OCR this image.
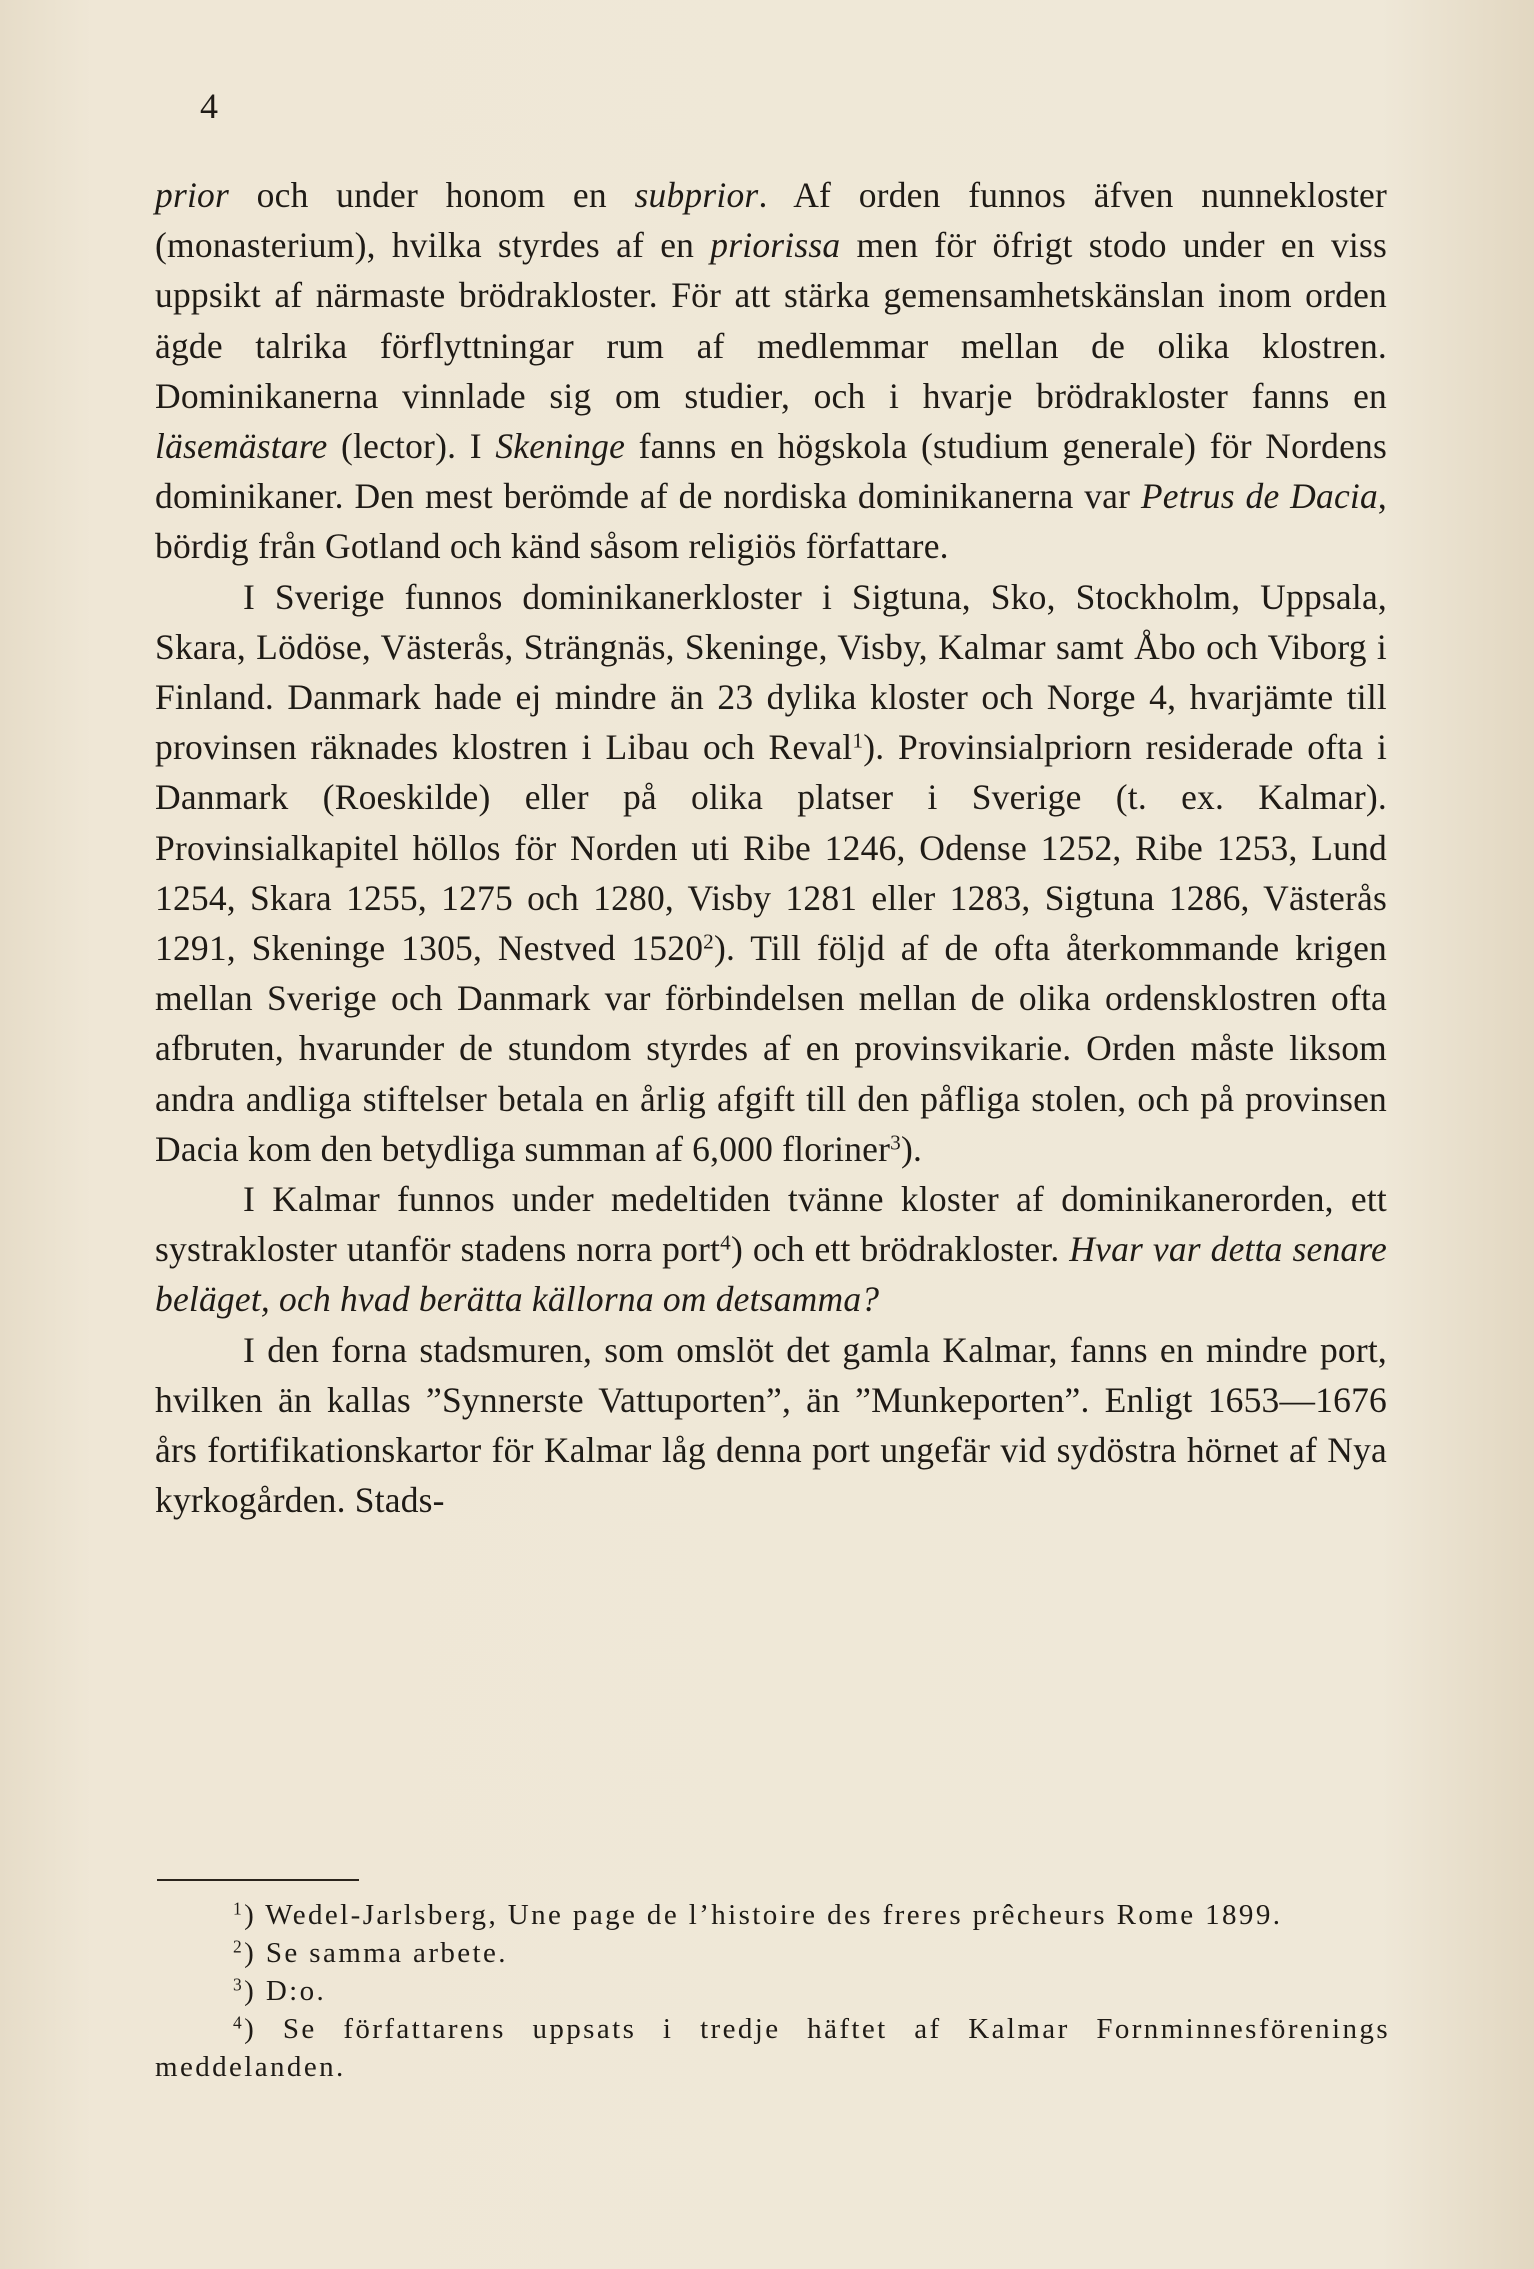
4

prior och under honom en subprior. Af orden funnos äfven nunnekloster (monasterium), hvilka styrdes af en priorissa men för öfrigt stodo under en viss uppsikt af närmaste brödrakloster. För att stärka gemensamhetskänslan inom orden ägde talrika förflyttningar rum af medlemmar mellan de olika klostren. Dominikanerna vinnlade sig om studier, och i hvarje brödrakloster fanns en läsemästare (lector). I Skeninge fanns en högskola (studium generale) för Nordens dominikaner. Den mest berömde af de nordiska dominikanerna var Petrus de Dacia, bördig från Gotland och känd såsom religiös författare.

I Sverige funnos dominikanerkloster i Sigtuna, Sko, Stockholm, Uppsala, Skara, Lödöse, Västerås, Strängnäs, Skeninge, Visby, Kalmar samt Åbo och Viborg i Finland. Danmark hade ej mindre än 23 dylika kloster och Norge 4, hvarjämte till provinsen räknades klostren i Libau och Reval$^1$). Provinsialpriorn residerade ofta i Danmark (Roeskilde) eller på olika platser i Sverige (t. ex. Kalmar). Provinsialkapitel höllos för Norden uti Ribe 1246, Odense 1252, Ribe 1253, Lund 1254, Skara 1255, 1275 och 1280, Visby 1281 eller 1283, Sigtuna 1286, Västerås 1291, Skeninge 1305, Nestved 1520$^2$). Till följd af de ofta återkommande krigen mellan Sverige och Danmark var förbindelsen mellan de olika ordensklostren ofta afbruten, hvarunder de stundom styrdes af en provinsvikarie. Orden måste liksom andra andliga stiftelser betala en årlig afgift till den påfliga stolen, och på provinsen Dacia kom den betydliga summan af 6,000 floriner$^3$).

I Kalmar funnos under medeltiden tvänne kloster af dominikanerorden, ett systrakloster utanför stadens norra port$^4$) och ett brödrakloster. Hvar var detta senare beläget, och hvad berätta källorna om detsamma?

I den forna stadsmuren, som omslöt det gamla Kalmar, fanns en mindre port, hvilken än kallas ”Synnerste Vattuporten”, än ”Munkeporten”. Enligt 1653—1676 års fortifikationskartor för Kalmar låg denna port ungefär vid sydöstra hörnet af Nya kyrkogården. Stads-

$^1$) Wedel-Jarlsberg, Une page de l’histoire des freres prêcheurs Rome 1899.

$^2$) Se samma arbete.

$^3$) D:o.

$^4$) Se författarens uppsats i tredje häftet af Kalmar Fornminnesförenings meddelanden.
